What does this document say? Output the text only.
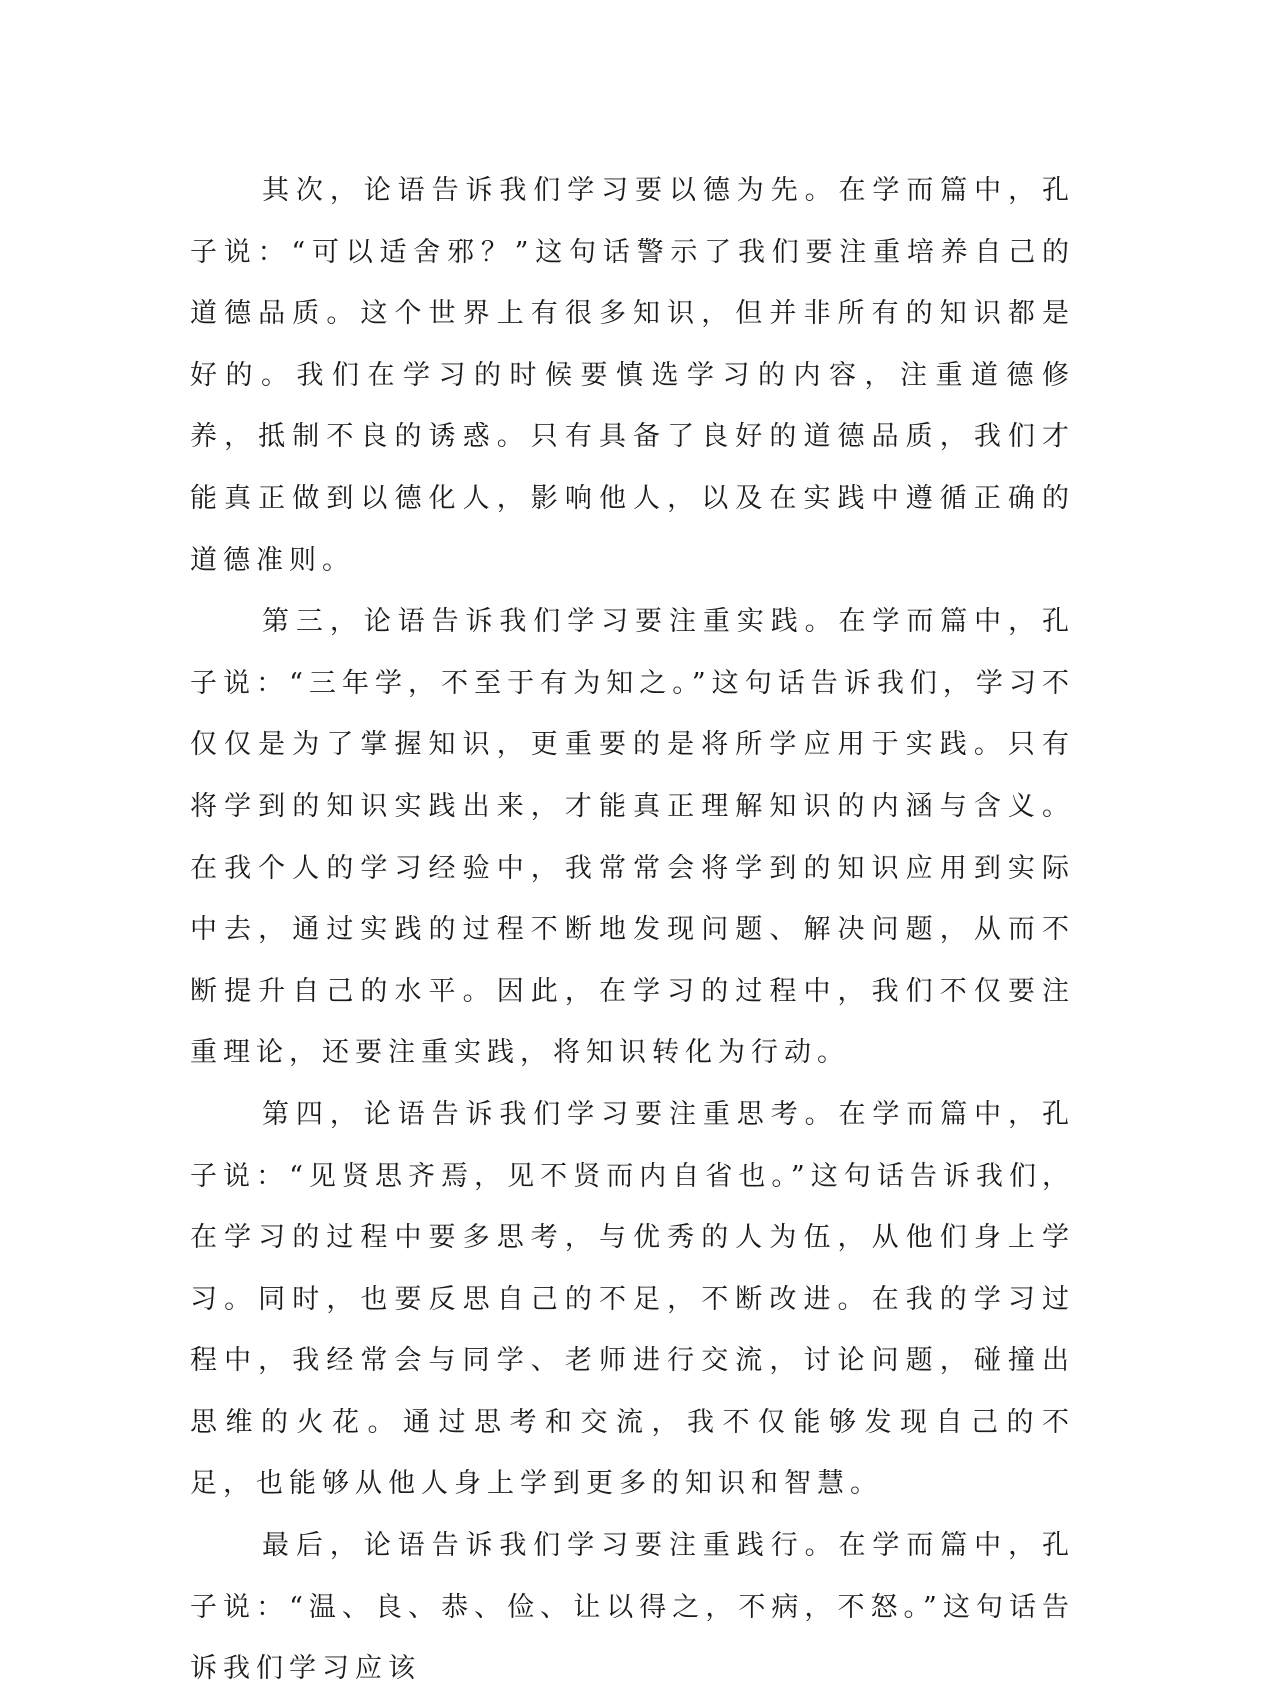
其次，论语告诉我们学习要以德为先。在学而篇中，孔子说：“可以适舍邪？”这句话警示了我们要注重培养自己的道德品质。这个世界上有很多知识，但并非所有的知识都是好的。我们在学习的时候要慎选学习的内容，注重道德修养，抵制不良的诱惑。只有具备了良好的道德品质，我们才能真正做到以德化人，影响他人，以及在实践中遵循正确的道德准则。

第三，论语告诉我们学习要注重实践。在学而篇中，孔子说：“三年学，不至于有为知之。”这句话告诉我们，学习不仅仅是为了掌握知识，更重要的是将所学应用于实践。只有将学到的知识实践出来，才能真正理解知识的内涵与含义。在我个人的学习经验中，我常常会将学到的知识应用到实际中去，通过实践的过程不断地发现问题、解决问题，从而不断提升自己的水平。因此，在学习的过程中，我们不仅要注重理论，还要注重实践，将知识转化为行动。

第四，论语告诉我们学习要注重思考。在学而篇中，孔子说：“见贤思齐焉，见不贤而内自省也。”这句话告诉我们，在学习的过程中要多思考，与优秀的人为伍，从他们身上学习。同时，也要反思自己的不足，不断改进。在我的学习过程中，我经常会与同学、老师进行交流，讨论问题，碰撞出思维的火花。通过思考和交流，我不仅能够发现自己的不足，也能够从他人身上学到更多的知识和智慧。

最后，论语告诉我们学习要注重践行。在学而篇中，孔子说：“温、良、恭、俭、让以得之，不病，不怒。”这句话告诉我们学习应该
